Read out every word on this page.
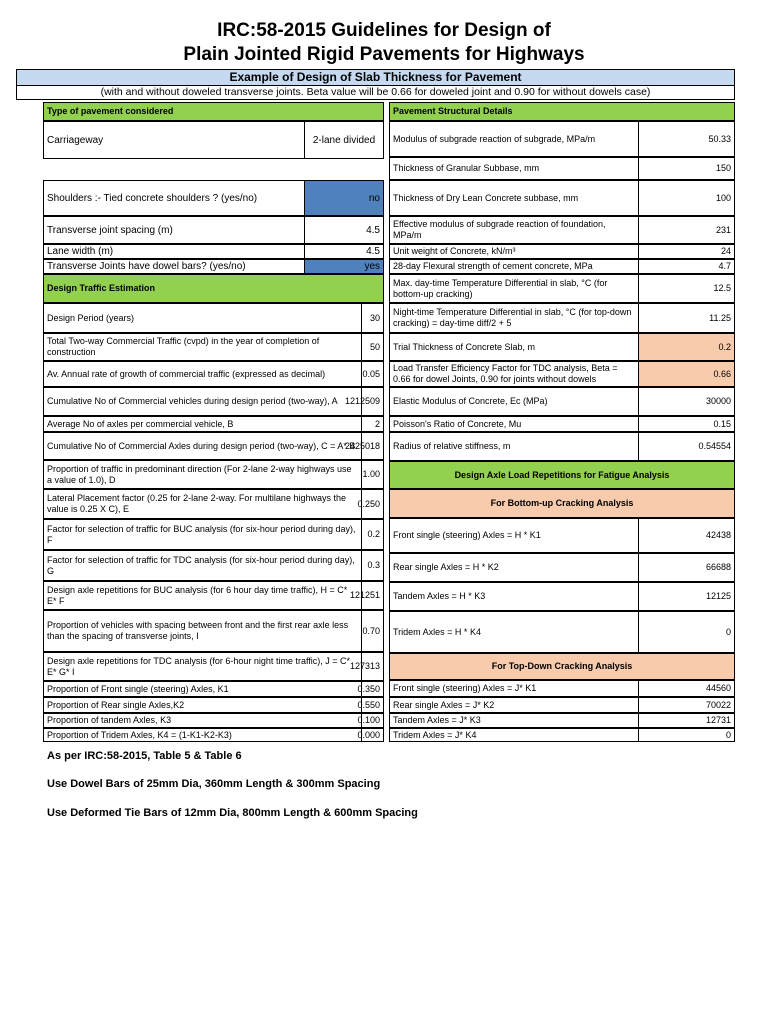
IRC:58-2015 Guidelines for Design of
Plain Jointed Rigid Pavements for Highways
Example of Design of Slab Thickness for Pavement
(with and without doweled transverse joints. Beta value will be 0.66 for doweled joint and 0.90 for without dowels case)
Type of pavement considered
Carriageway	2-lane divided
Shoulders :- Tied concrete shoulders ? (yes/no)	no
Transverse joint spacing (m)	4.5
Lane width (m)	4.5
Transverse Joints have dowel bars? (yes/no)	yes
Design Traffic Estimation
Design Period (years)	30
Total Two-way Commercial Traffic (cvpd) in the year of completion of construction
50
Av. Annual rate of growth of commercial traffic (expressed as decimal)	0.05
Cumulative No of Commercial vehicles during design period (two-way), A 1212509
Average No of axles per commercial vehicle, B	2
Cumulative No of Commercial Axles during design period (two-way), C = A* B
2425018
Proportion of traffic in predominant direction (For 2-lane 2-way highways use a value of 1.0), D
1.00
Lateral Placement factor (0.25 for 2-lane 2-way. For multilane highways the value is 0.25 X C), E
0.250
Factor for selection of traffic for BUC analysis (for six-hour period during day), F
0.2
Factor for selection of traffic for TDC analysis (for six-hour period during day), G
0.3
Design axle repetitions for BUC analysis (for 6 hour day time traffic), H = C* E* F
121251
Proportion of vehicles with spacing between front and the first rear axle less than the spacing of transverse joints, I
0.70
Design axle repetitions for TDC analysis (for 6-hour night time traffic), J = C* E* G* I
127313
Proportion of Front single (steering) Axles, K1	0.350
Proportion of Rear single Axles,K2	0.550
Proportion of tandem Axles, K3	0.100
Proportion of Tridem Axles, K4 = (1-K1-K2-K3)	0.000
Pavement Structural Details
Modulus of subgrade reaction of subgrade, MPa/m	50.33
Thickness of Granular Subbase, mm	150
Thickness of Dry Lean Concrete subbase, mm	100
Effective modulus of subgrade reaction of foundation, MPa/m
231
Unit weight of Concrete, kN/m³	24
28-day Flexural strength of cement concrete, MPa	4.7
Max. day-time Temperature Differential in slab, °C (for bottom-up cracking)
12.5
Night-time Temperature Differential in slab, °C (for top-down cracking) = day-time diff/2 + 5
11.25
Trial Thickness of Concrete Slab, m	0.2
Load Transfer Efficiency Factor for TDC analysis, Beta = 0.66 for dowel Joints, 0.90 for joints without dowels
0.66
Elastic Modulus of Concrete, Ec (MPa)	30000
Poisson's Ratio of Concrete, Mu	0.15
Radius of relative stiffness, m	0.54554
Design Axle Load Repetitions for Fatigue Analysis
For Bottom-up Cracking Analysis
Front single (steering) Axles = H * K1	42438
Rear single Axles = H * K2	66688
Tandem Axles = H * K3	12125
Tridem Axles = H * K4	0
For Top-Down Cracking Analysis
Front single (steering) Axles = J* K1	44560
Rear single Axles = J* K2	70022
Tandem Axles = J* K3	12731
Tridem Axles = J* K4	0
As per IRC:58-2015, Table 5 & Table 6
Use Dowel Bars of 25mm Dia, 360mm Length & 300mm Spacing
Use Deformed Tie Bars of 12mm Dia, 800mm Length & 600mm Spacing
